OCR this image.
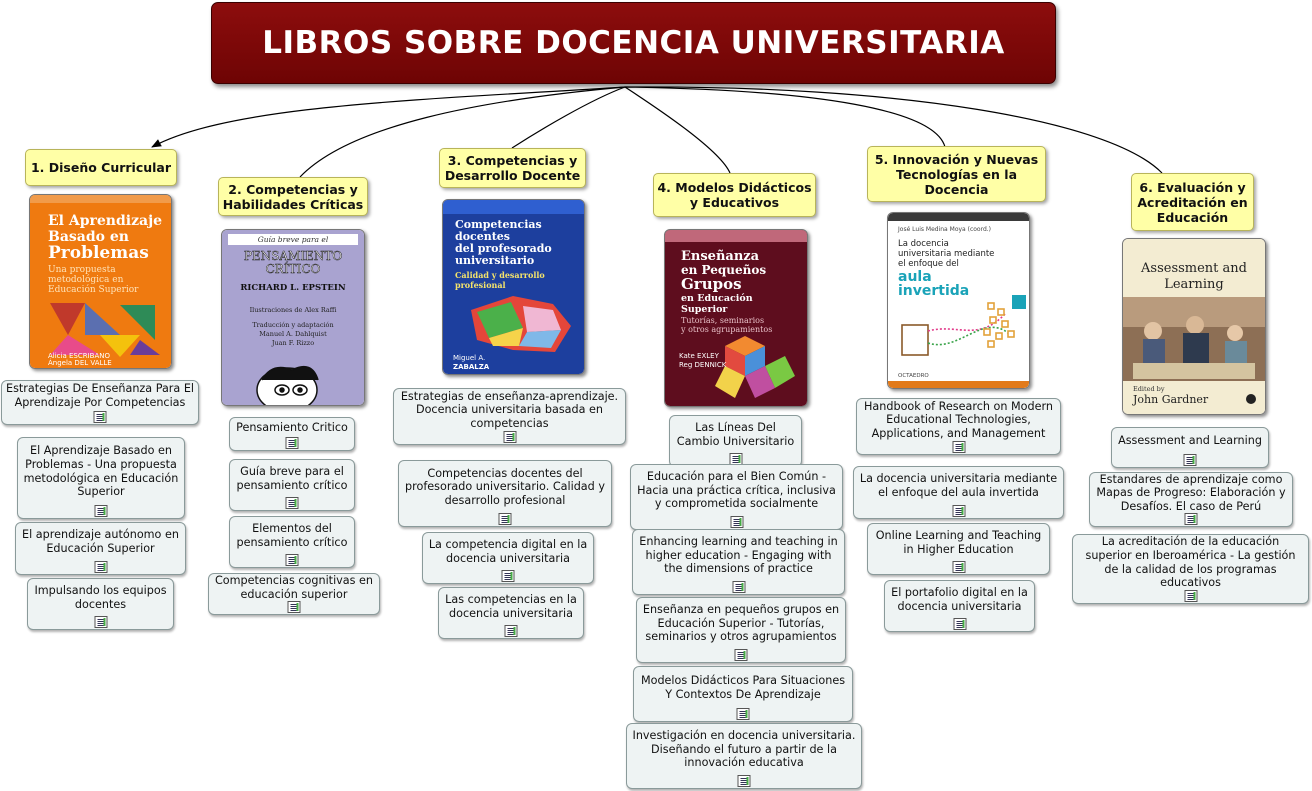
LIBROS SOBRE DOCENCIA UNIVERSITARIA
1. Diseño Curricular
El Aprendizaje
Basado en
Problemas
Una propuesta
metodológica en
Educación Superior
Alicia ESCRIBANO
Ángela DEL VALLE
Estrategias De Enseñanza Para El Aprendizaje Por Competencias
El Aprendizaje Basado en Problemas - Una propuesta metodológica en Educación Superior
El aprendizaje autónomo en Educación Superior
Impulsando los equipos docentes
2. Competencias y Habilidades Críticas
Guía breve para el
PENSAMIENTO
CRÍTICO
RICHARD L. EPSTEIN
Ilustraciones de Alex Raffi
Traducción y adaptación
Manuel A. Dahlquist
Juan F. Rizzo
Pensamiento Critico
Guía breve para el pensamiento crítico
Elementos del pensamiento crítico
Competencias cognitivas en educación superior
3. Competencias y Desarrollo Docente
Competencias
docentes
del profesorado
universitario
Calidad y desarrollo
profesional
Miguel A.
ZABALZA
Estrategias de enseñanza-aprendizaje. Docencia universitaria basada en competencias
Competencias docentes del profesorado universitario. Calidad y desarrollo profesional
La competencia digital en la docencia universitaria
Las competencias en la docencia universitaria
4. Modelos Didácticos y Educativos
Enseñanza
en Pequeños
Grupos
en Educación
Superior
Tutorías, seminarios
y otros agrupamientos
Kate EXLEY
Reg DENNICK
Las Líneas Del Cambio Universitario
Educación para el Bien Común - Hacia una práctica crítica, inclusiva y comprometida socialmente
Enhancing learning and teaching in higher education - Engaging with the dimensions of practice
Enseñanza en pequeños grupos en Educación Superior - Tutorías, seminarios y otros agrupamientos
Modelos Didácticos Para Situaciones Y Contextos De Aprendizaje
Investigación en docencia universitaria. Diseñando el futuro a partir de la innovación educativa
5. Innovación y Nuevas Tecnologías en la Docencia
José Luis Medina Moya (coord.)
La docencia
universitaria mediante
el enfoque del
aula
invertida
OCTAEDRO
Handbook of Research on Modern Educational Technologies, Applications, and Management
La docencia universitaria mediante el enfoque del aula invertida
Online Learning and Teaching in Higher Education
El portafolio digital en la docencia universitaria
6. Evaluación y Acreditación en Educación
Assessment and
Learning
Edited by
John Gardner
Assessment and Learning
Estandares de aprendizaje como Mapas de Progreso: Elaboración y Desafíos. El caso de Perú
La acreditación de la educación superior en Iberoamérica - La gestión de la calidad de los programas educativos
